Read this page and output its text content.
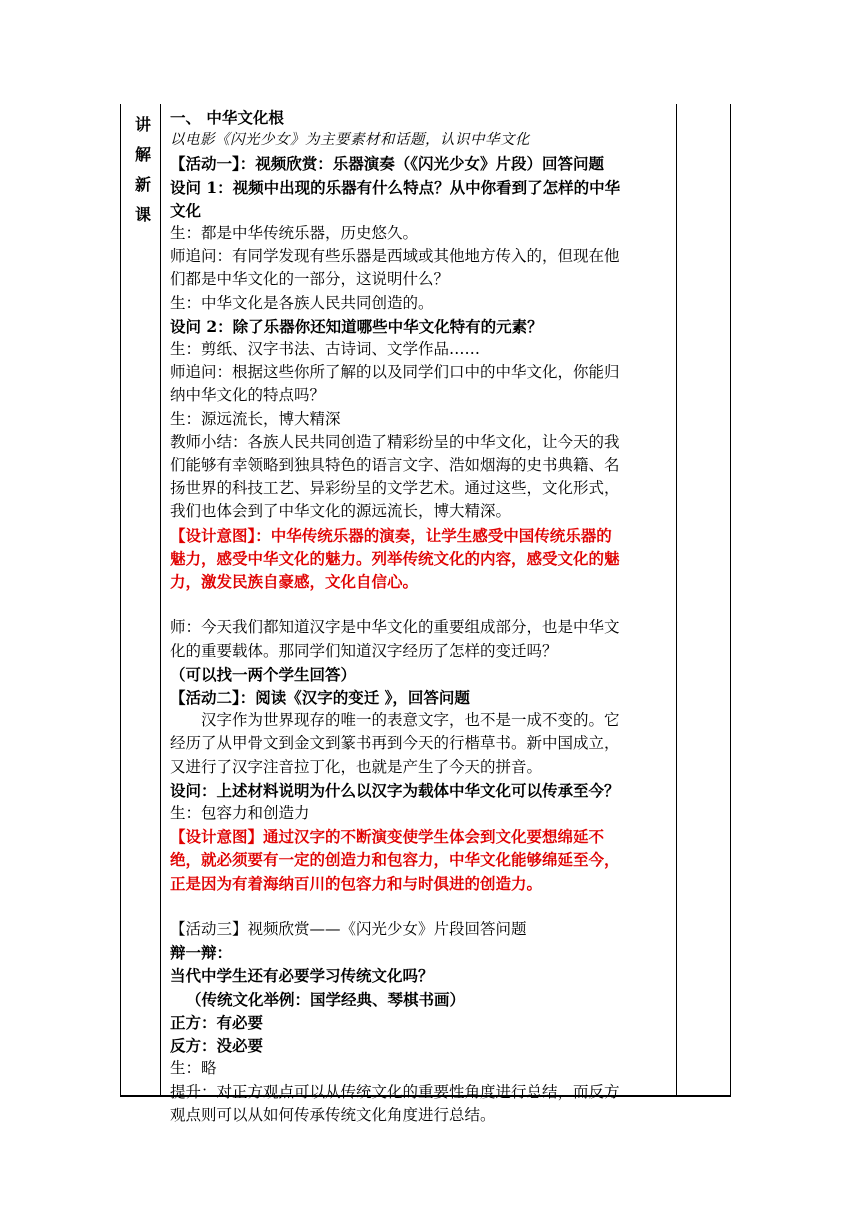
讲
解
新
课

一、 中华文化根

以电影《闪光少女》为主要素材和话题，认识中华文化

【活动一】：视频欣赏：乐器演奏（《闪光少女》片段）回答问题

设问 1：视频中出现的乐器有什么特点？从中你看到了怎样的中华

文化

生：都是中华传统乐器，历史悠久。

师追问：有同学发现有些乐器是西域或其他地方传入的，但现在他

们都是中华文化的一部分，这说明什么？

生：中华文化是各族人民共同创造的。

设问 2：除了乐器你还知道哪些中华文化特有的元素？

生：剪纸、汉字书法、古诗词、文学作品……

师追问：根据这些你所了解的以及同学们口中的中华文化，你能归

纳中华文化的特点吗？

生：源远流长，博大精深

教师小结：各族人民共同创造了精彩纷呈的中华文化，让今天的我

们能够有幸领略到独具特色的语言文字、浩如烟海的史书典籍、名

扬世界的科技工艺、异彩纷呈的文学艺术。通过这些，文化形式，

我们也体会到了中华文化的源远流长，博大精深。

【设计意图】：中华传统乐器的演奏，让学生感受中国传统乐器的

魅力，感受中华文化的魅力。列举传统文化的内容，感受文化的魅

力，激发民族自豪感，文化自信心。

师：今天我们都知道汉字是中华文化的重要组成部分，也是中华文

化的重要载体。那同学们知道汉字经历了怎样的变迁吗？

（可以找一两个学生回答）

【活动二】：阅读《汉字的变迁 》，回答问题

汉字作为世界现存的唯一的表意文字，也不是一成不变的。它

经历了从甲骨文到金文到篆书再到今天的行楷草书。新中国成立，

又进行了汉字注音拉丁化，也就是产生了今天的拼音。

设问：上述材料说明为什么以汉字为载体中华文化可以传承至今？

生：包容力和创造力

【设计意图】通过汉字的不断演变使学生体会到文化要想绵延不

绝，就必须要有一定的创造力和包容力，中华文化能够绵延至今，

正是因为有着海纳百川的包容力和与时俱进的创造力。

【活动三】视频欣赏——《闪光少女》片段回答问题

辩一辩：

当代中学生还有必要学习传统文化吗？

（传统文化举例：国学经典、琴棋书画）

正方：有必要

反方：没必要

生：略

提升：对正方观点可以从传统文化的重要性角度进行总结，而反方

观点则可以从如何传承传统文化角度进行总结。
